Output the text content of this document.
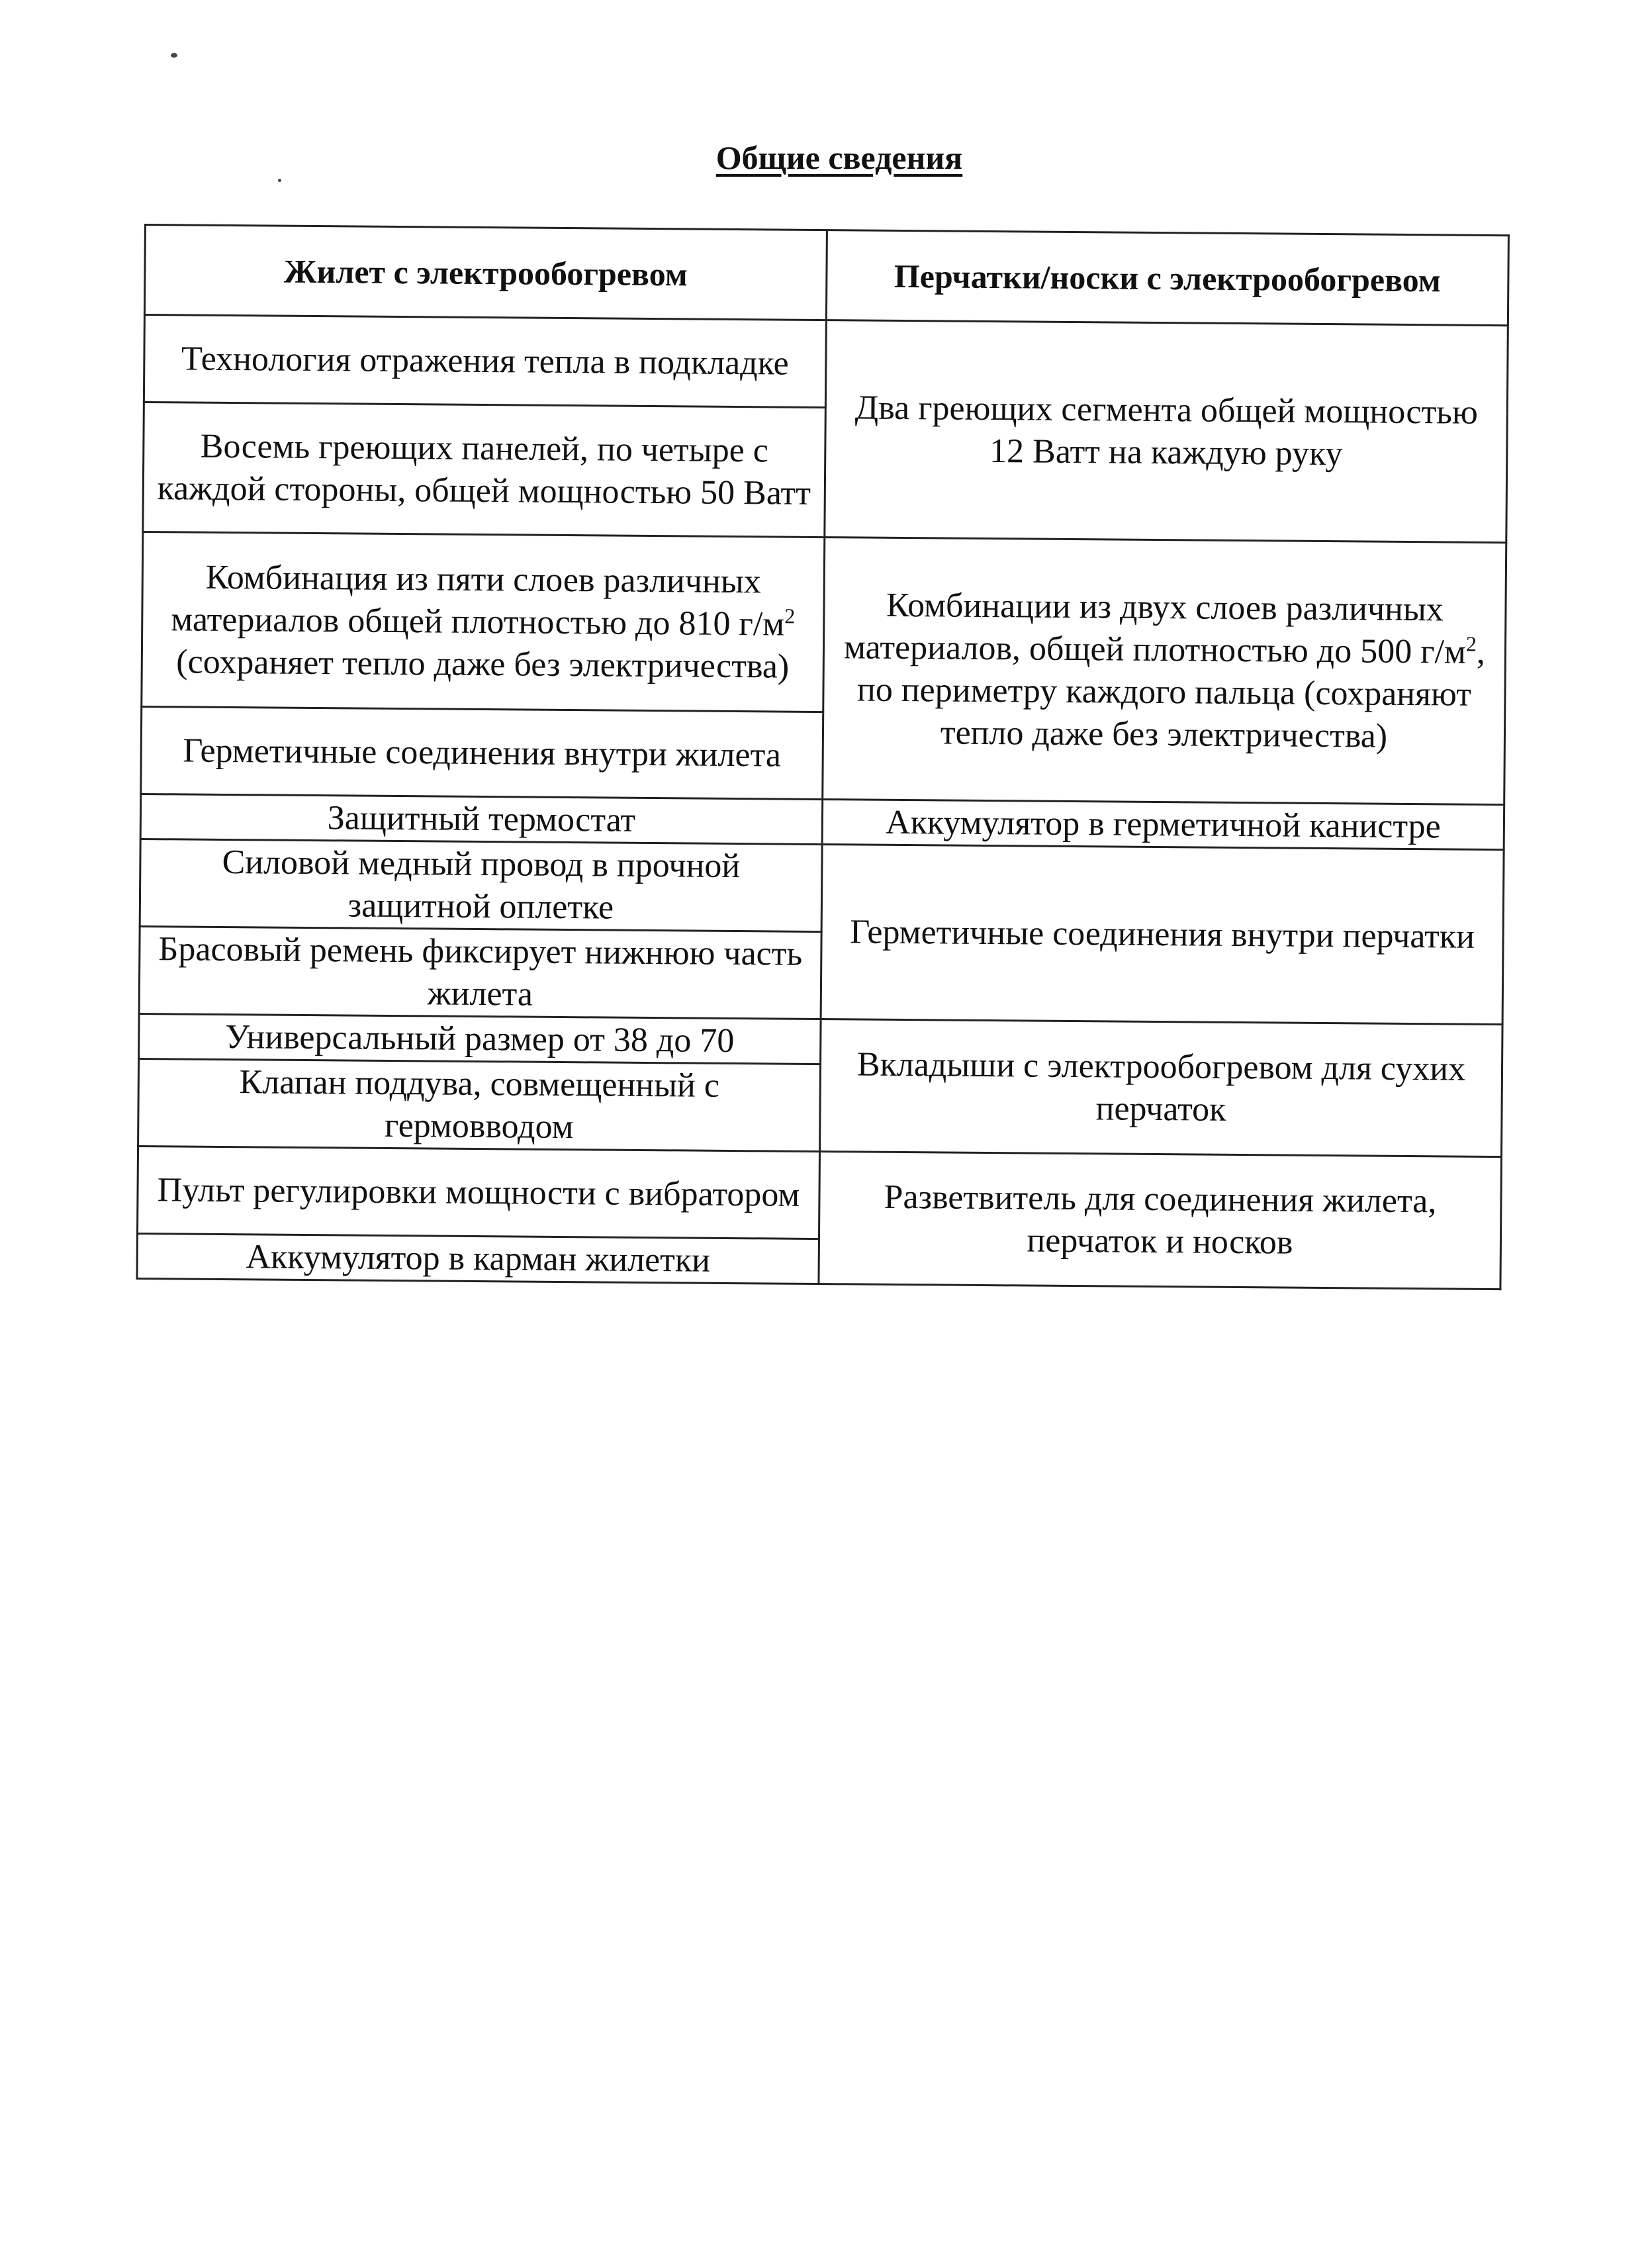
Общие сведения
Жилет с электрообогревом	Перчатки/носки с электрообогревом
Технология отражения тепла в подкладке	Два греющих сегмента общей мощностью 12 Ватт на каждую руку
Восемь греющих панелей, по четыре с каждой стороны, общей мощностью 50 Ватт	
Комбинация из пяти слоев различных материалов общей плотностью до 810 $г/м^2$ (сохраняет тепло даже без электричества)	Комбинации из двух слоев различных материалов, общей плотностью до 500 $г/м^2$, по периметру каждого пальца (сохраняют тепло даже без электричества)
Герметичные соединения внутри жилета	
Защитный термостат	Аккумулятор в герметичной канистре
Силовой медный провод в прочной защитной оплетке	Герметичные соединения внутри перчатки
Брасовый ремень фиксирует нижнюю часть жилета	
Универсальный размер от 38 до 70	Вкладыши с электрообогревом для сухих перчаток
Клапан поддува, совмещенный с гермовводом	
Пульт регулировки мощности с вибратором	Разветвитель для соединения жилета, перчаток и носков
Аккумулятор в карман жилетки	
